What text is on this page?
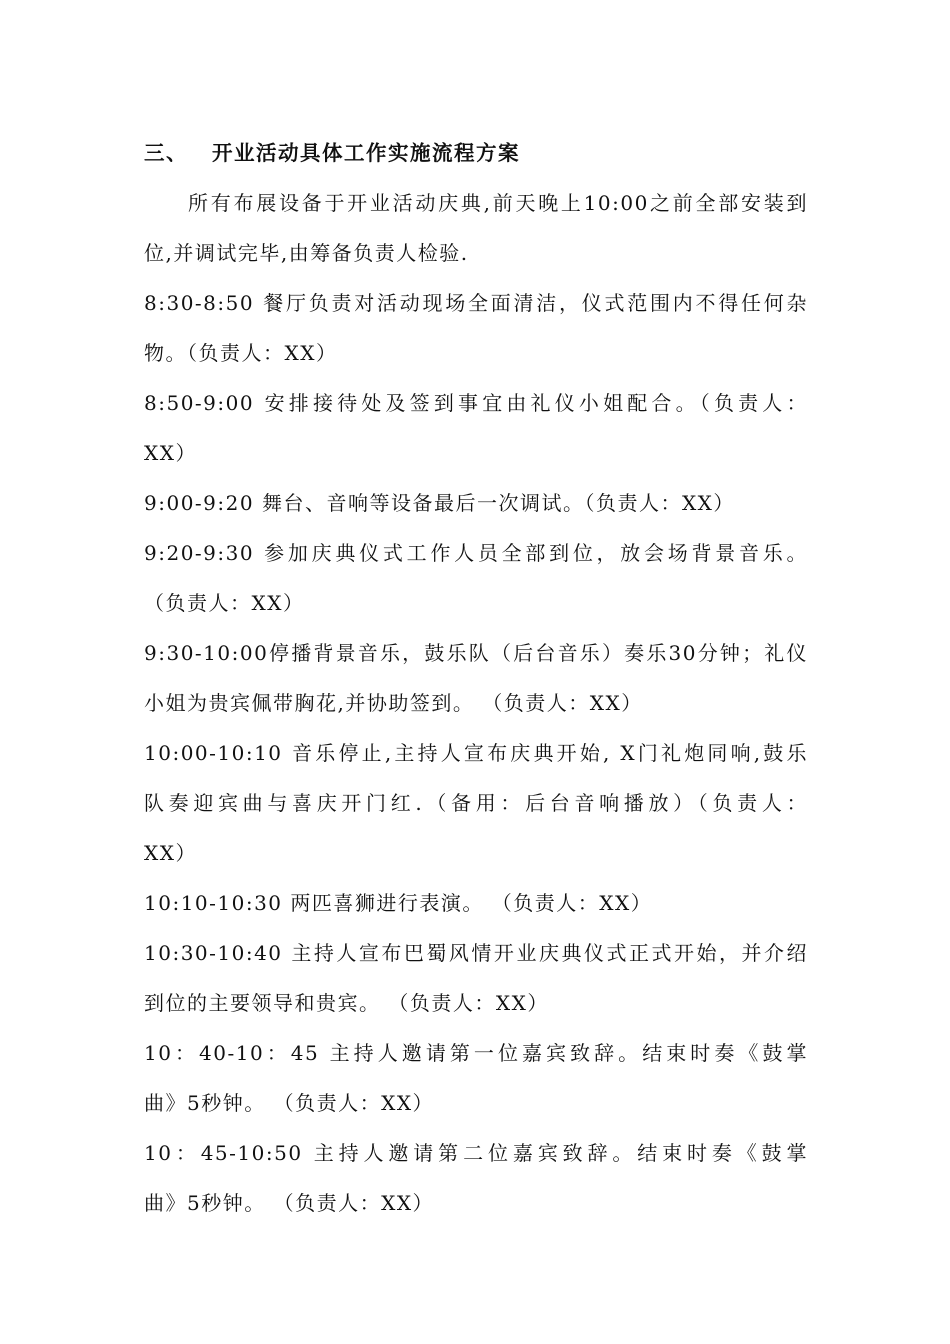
三、 开业活动具体工作实施流程方案
所有布展设备于开业活动庆典,前天晚上10:00之前全部安装到
位,并调试完毕,由筹备负责人检验.
8:30-8:50 餐厅负责对活动现场全面清洁，仪式范围内不得任何杂
物。（负责人：XX）
8:50-9:00 安排接待处及签到事宜由礼仪小姐配合。（负责人：
XX）
9:00-9:20 舞台、音响等设备最后一次调试。（负责人：XX）
9:20-9:30 参加庆典仪式工作人员全部到位，放会场背景音乐。
（负责人：XX）
9:30-10:00停播背景音乐，鼓乐队（后台音乐）奏乐30分钟；礼仪
小姐为贵宾佩带胸花,并协助签到。 （负责人：XX）
10:00-10:10 音乐停止,主持人宣布庆典开始, X门礼炮同响,鼓乐
队奏迎宾曲与喜庆开门红.（备用：后台音响播放）（负责人：
XX）
10:10-10:30 两匹喜狮进行表演。 （负责人：XX）
10:30-10:40 主持人宣布巴蜀风情开业庆典仪式正式开始，并介绍
到位的主要领导和贵宾。 （负责人：XX）
10：40-10：45 主持人邀请第一位嘉宾致辞。结束时奏《鼓掌
曲》5秒钟。 （负责人：XX）
10：45-10:50 主持人邀请第二位嘉宾致辞。结束时奏《鼓掌
曲》5秒钟。 （负责人：XX）
